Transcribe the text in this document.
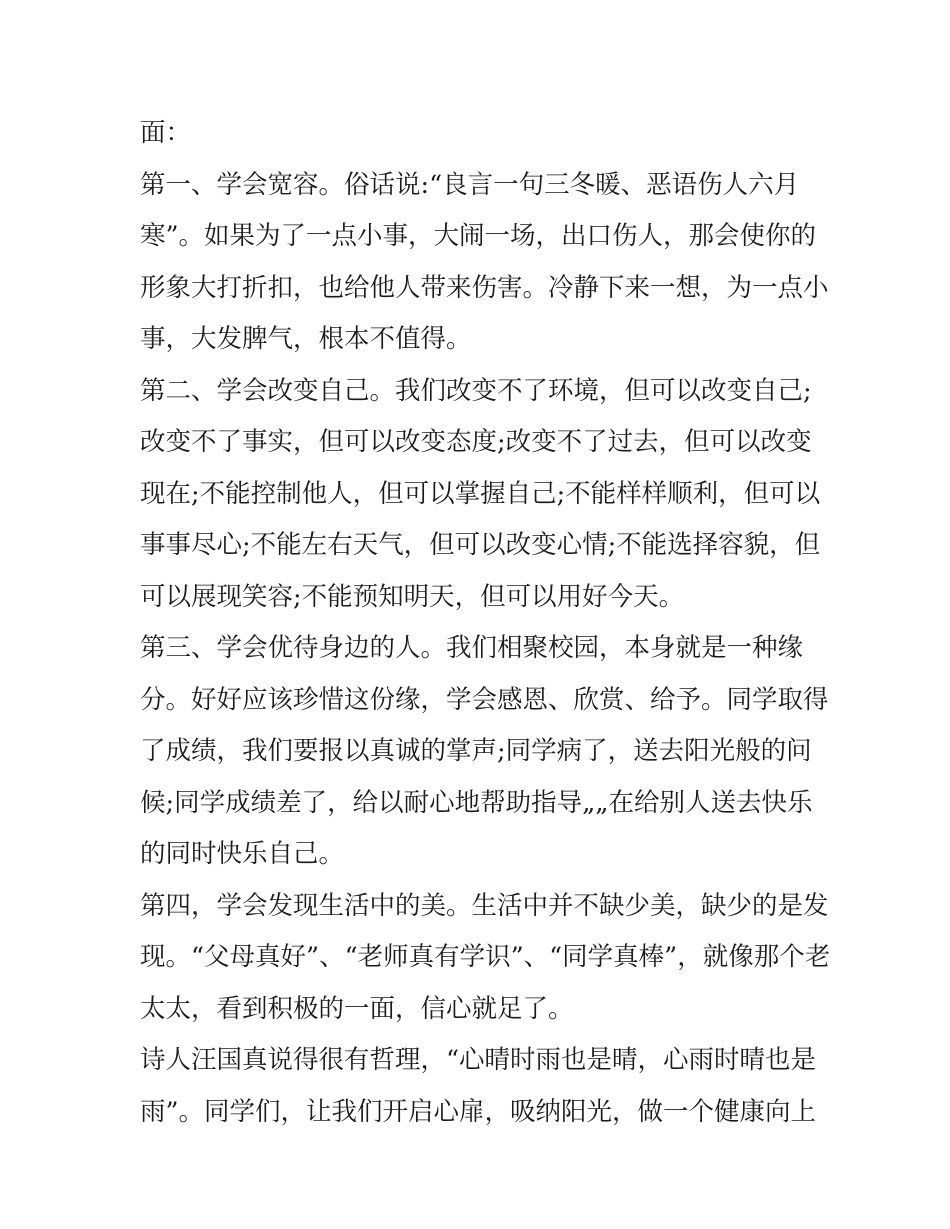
面：
第一、学会宽容。俗话说:“良言一句三冬暖、恶语伤人六月
寒”。如果为了一点小事，大闹一场，出口伤人，那会使你的
形象大打折扣，也给他人带来伤害。冷静下来一想，为一点小
事，大发脾气，根本不值得。
第二、学会改变自己。我们改变不了环境，但可以改变自己;
改变不了事实，但可以改变态度;改变不了过去，但可以改变
现在;不能控制他人，但可以掌握自己;不能样样顺利，但可以
事事尽心;不能左右天气，但可以改变心情;不能选择容貌，但
可以展现笑容;不能预知明天，但可以用好今天。
第三、学会优待身边的人。我们相聚校园，本身就是一种缘
分。好好应该珍惜这份缘，学会感恩、欣赏、给予。同学取得
了成绩，我们要报以真诚的掌声;同学病了，送去阳光般的问
候;同学成绩差了，给以耐心地帮助指导„„在给别人送去快乐
的同时快乐自己。
第四，学会发现生活中的美。生活中并不缺少美，缺少的是发
现。“父母真好”、“老师真有学识”、“同学真棒”，就像那个老
太太，看到积极的一面，信心就足了。
诗人汪国真说得很有哲理，“心晴时雨也是晴，心雨时晴也是
雨”。同学们，让我们开启心扉，吸纳阳光，做一个健康向上
